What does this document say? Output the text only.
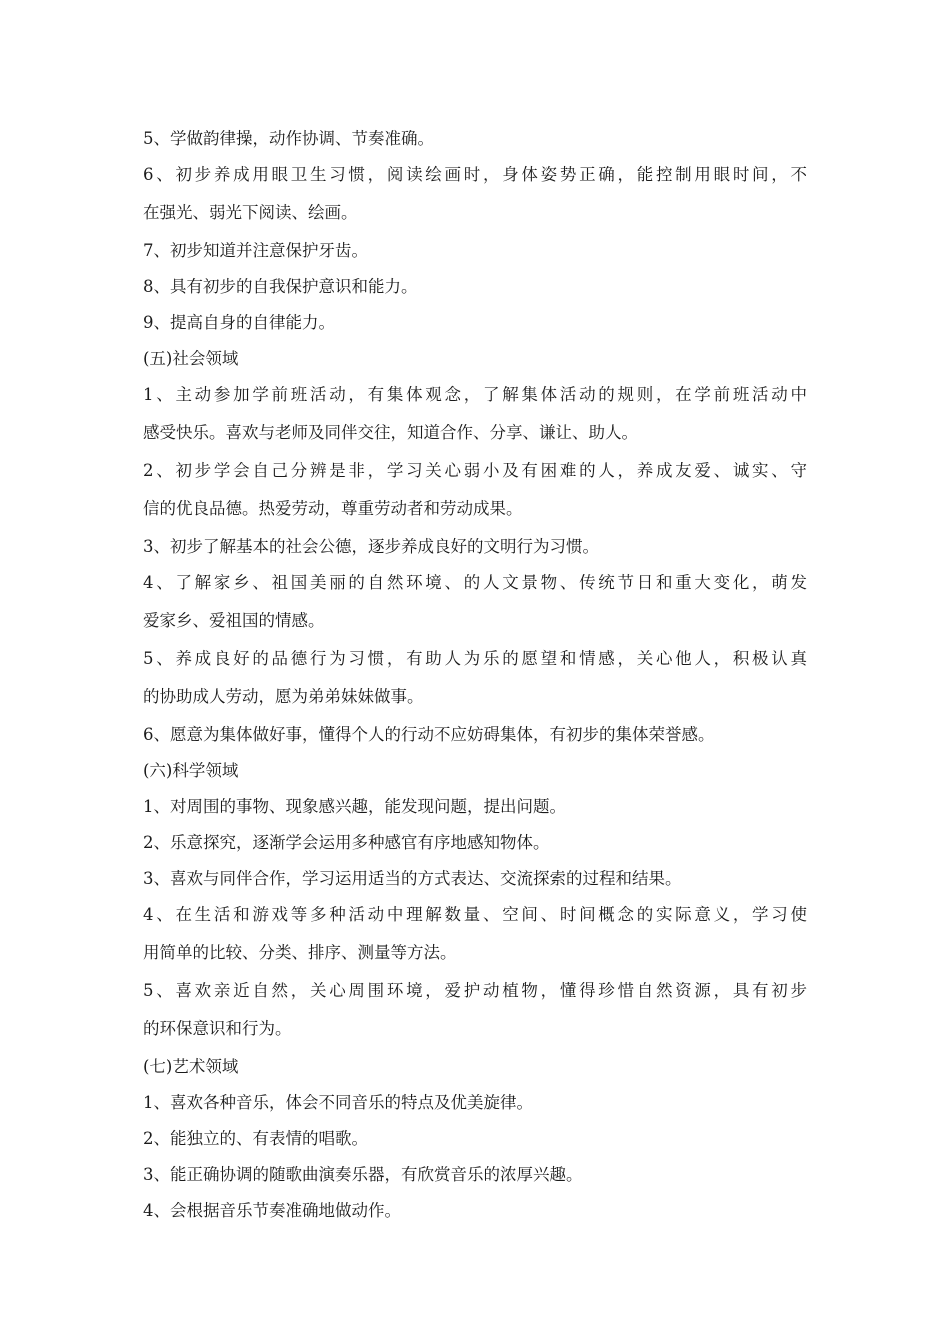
5、学做韵律操，动作协调、节奏准确。
6、初步养成用眼卫生习惯，阅读绘画时，身体姿势正确，能控制用眼时间，不
在强光、弱光下阅读、绘画。
7、初步知道并注意保护牙齿。
8、具有初步的自我保护意识和能力。
9、提高自身的自律能力。
(五)社会领域
1、主动参加学前班活动，有集体观念，了解集体活动的规则，在学前班活动中
感受快乐。喜欢与老师及同伴交往，知道合作、分享、谦让、助人。
2、初步学会自己分辨是非，学习关心弱小及有困难的人，养成友爱、诚实、守
信的优良品德。热爱劳动，尊重劳动者和劳动成果。
3、初步了解基本的社会公德，逐步养成良好的文明行为习惯。
4、了解家乡、祖国美丽的自然环境、的人文景物、传统节日和重大变化，萌发
爱家乡、爱祖国的情感。
5、养成良好的品德行为习惯，有助人为乐的愿望和情感，关心他人，积极认真
的协助成人劳动，愿为弟弟妹妹做事。
6、愿意为集体做好事，懂得个人的行动不应妨碍集体，有初步的集体荣誉感。
(六)科学领域
1、对周围的事物、现象感兴趣，能发现问题，提出问题。
2、乐意探究，逐渐学会运用多种感官有序地感知物体。
3、喜欢与同伴合作，学习运用适当的方式表达、交流探索的过程和结果。
4、在生活和游戏等多种活动中理解数量、空间、时间概念的实际意义，学习使
用简单的比较、分类、排序、测量等方法。
5、喜欢亲近自然，关心周围环境，爱护动植物，懂得珍惜自然资源，具有初步
的环保意识和行为。
(七)艺术领域
1、喜欢各种音乐，体会不同音乐的特点及优美旋律。
2、能独立的、有表情的唱歌。
3、能正确协调的随歌曲演奏乐器，有欣赏音乐的浓厚兴趣。
4、会根据音乐节奏准确地做动作。
